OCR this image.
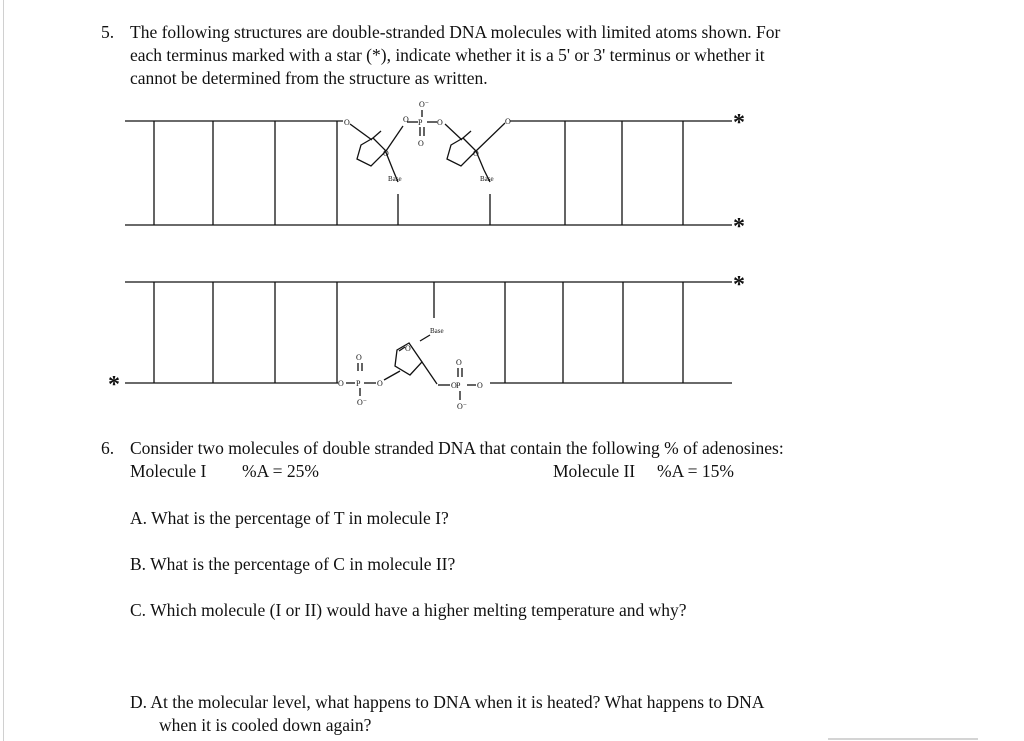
5. The following structures are double-stranded DNA molecules with limited atoms shown. For
each terminus marked with a star (*), indicate whether it is a 5' or 3' terminus or whether it
cannot be determined from the structure as written.
O	O P O
O⁻
O
O	O
O
Base	Base
O P
O
O⁻
O
O
Base
O P
O
O⁻
O
*
*
*
*
6. Consider two molecules of double stranded DNA that contain the following % of adenosines:
Molecule I %A = 25%	Molecule II %A = 15%
A. What is the percentage of T in molecule I?
B. What is the percentage of C in molecule II?
C. Which molecule (I or II) would have a higher melting temperature and why?
D. At the molecular level, what happens to DNA when it is heated? What happens to DNA
when it is cooled down again?
